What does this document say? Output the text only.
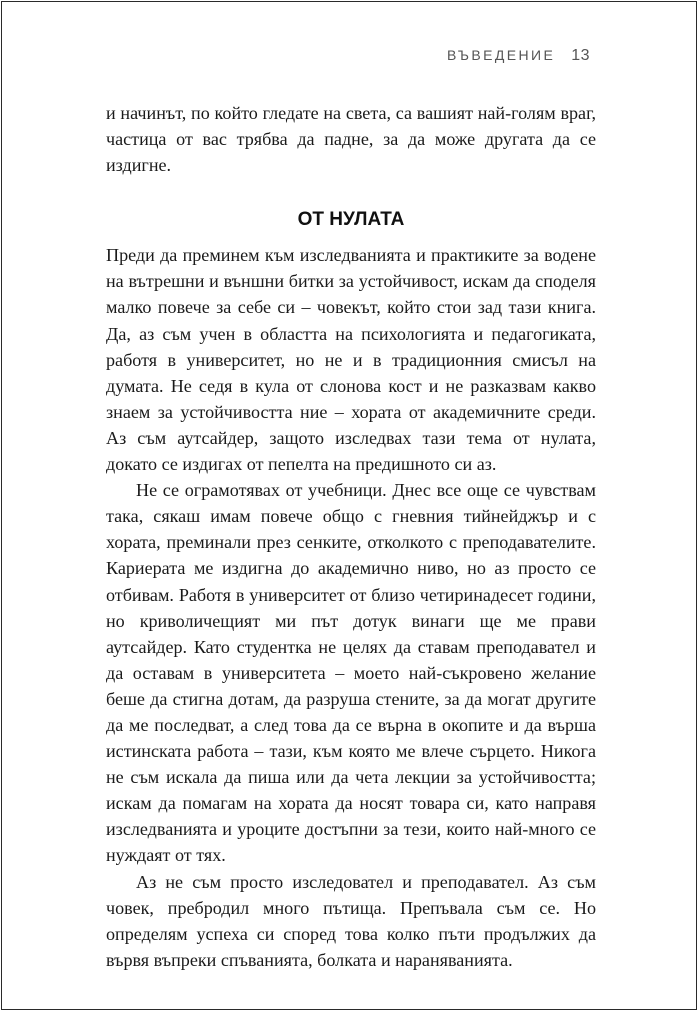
ВЪВЕДЕНИЕ 13

и начинът, по който гледате на света, са вашият най-голям враг, частица от вас трябва да падне, за да може другата да се издигне.

ОТ НУЛАТА

Преди да преминем към изследванията и практиките за водене на вътрешни и външни битки за устойчивост, искам да споделя малко повече за себе си – човекът, който стои зад тази книга. Да, аз съм учен в областта на психологията и педагогиката, работя в университет, но не и в традиционния смисъл на думата. Не седя в кула от слонова кост и не разказвам какво знаем за устойчивостта ние – хората от академичните среди. Аз съм аутсайдер, защото изследвах тази тема от нулата, докато се издигах от пепелта на предишното си аз.

Не се ограмотявах от учебници. Днес все още се чувствам така, сякаш имам повече общо с гневния тийнейджър и с хората, преминали през сенките, отколкото с преподавателите. Кариерата ме издигна до академично ниво, но аз просто се отбивам. Работя в университет от близо четиринадесет години, но криволичещият ми път дотук винаги ще ме прави аутсайдер. Като студентка не целях да ставам преподавател и да оставам в университета – моето най-съкровено желание беше да стигна дотам, да разруша стените, за да могат другите да ме последват, а след това да се върна в окопите и да върша истинската работа – тази, към която ме влече сърцето. Никога не съм искала да пиша или да чета лекции за устойчивостта; искам да помагам на хората да носят товара си, като направя изследванията и уроците достъпни за тези, които най-много се нуждаят от тях.

Аз не съм просто изследовател и преподавател. Аз съм човек, пребродил много пътища. Препъвала съм се. Но определям успеха си според това колко пъти продължих да вървя въпреки спъванията, болката и нараняванията.
